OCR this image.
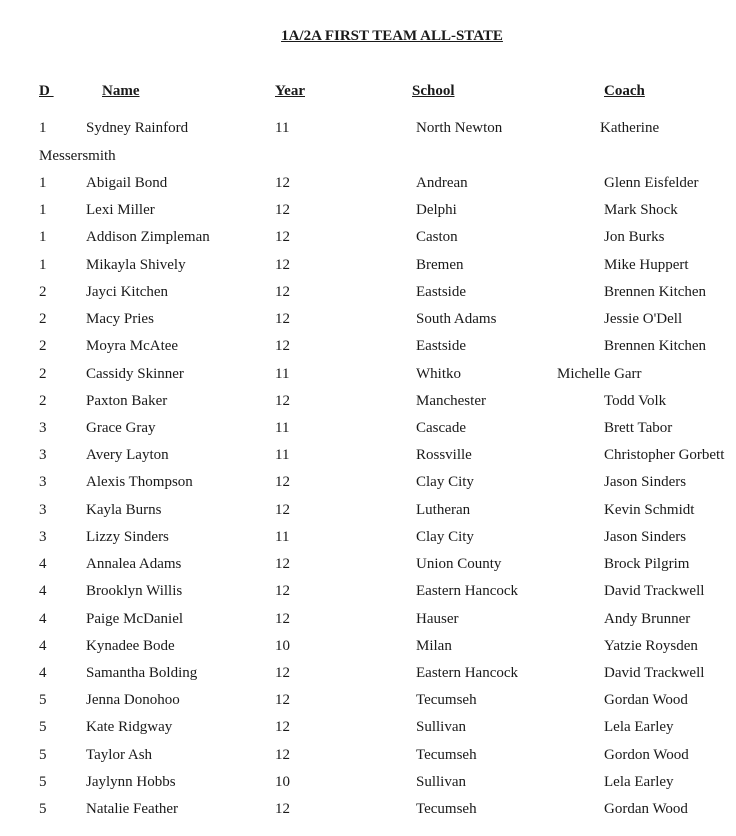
1A/2A FIRST TEAM ALL-STATE
D	Name	Year	School	Coach
1	Sydney Rainford	11	North Newton	Katherine
Messersmith
1	Abigail Bond	12	Andrean	Glenn Eisfelder
1	Lexi Miller	12	Delphi	Mark Shock
1	Addison Zimpleman	12	Caston	Jon Burks
1	Mikayla Shively	12	Bremen	Mike Huppert
2	Jayci Kitchen	12	Eastside	Brennen Kitchen
2	Macy Pries	12	South Adams	Jessie O'Dell
2	Moyra McAtee	12	Eastside	Brennen Kitchen
2	Cassidy Skinner	11	Whitko	Michelle Garr
2	Paxton Baker	12	Manchester	Todd Volk
3	Grace Gray	11	Cascade	Brett Tabor
3	Avery Layton	11	Rossville	Christopher Gorbett
3	Alexis Thompson	12	Clay City	Jason Sinders
3	Kayla Burns	12	Lutheran	Kevin Schmidt
3	Lizzy Sinders	11	Clay City	Jason Sinders
4	Annalea Adams	12	Union County	Brock Pilgrim
4	Brooklyn Willis	12	Eastern Hancock	David Trackwell
4	Paige McDaniel	12	Hauser	Andy Brunner
4	Kynadee Bode	10	Milan	Yatzie Roysden
4	Samantha Bolding	12	Eastern Hancock	David Trackwell
5	Jenna Donohoo	12	Tecumseh	Gordan Wood
5	Kate Ridgway	12	Sullivan	Lela Earley
5	Taylor Ash	12	Tecumseh	Gordon Wood
5	Jaylynn Hobbs	10	Sullivan	Lela Earley
5	Natalie Feather	12	Tecumseh	Gordan Wood
